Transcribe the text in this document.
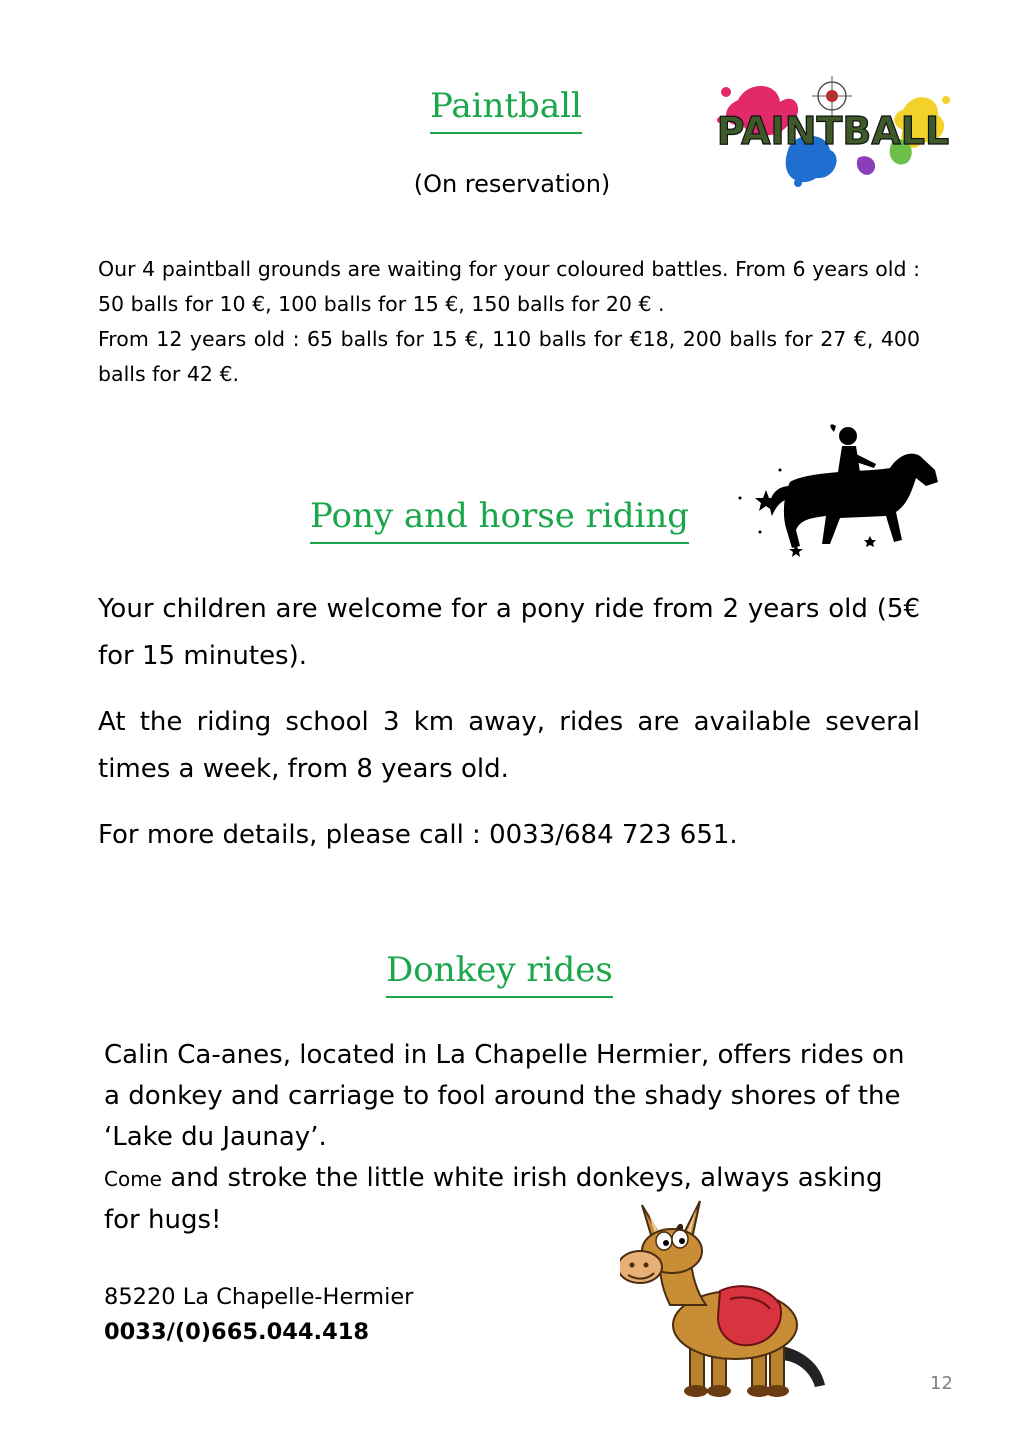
Paintball
PAINTBALL
(On reservation)

Our 4 paintball grounds are waiting for your coloured battles. From 6 years old : 50 balls for 10 €, 100 balls for 15 €, 150 balls for 20 € .

From 12 years old : 65 balls for 15 €, 110 balls for €18, 200 balls for 27 €, 400 balls for 42 €.

Pony and horse riding

Your children are welcome for a pony ride from 2 years old (5€ for 15 minutes).

At the riding school 3 km away, rides are available several times a week, from 8 years old.

For more details, please call : 0033/684 723 651.

Donkey rides

Calin Ca-anes, located in La Chapelle Hermier, offers rides on a donkey and carriage to fool around the shady shores of the ‘Lake du Jaunay’.

Come and stroke the little white irish donkeys, always asking for hugs!

85220 La Chapelle-Hermier
0033/(0)665.044.418
12
